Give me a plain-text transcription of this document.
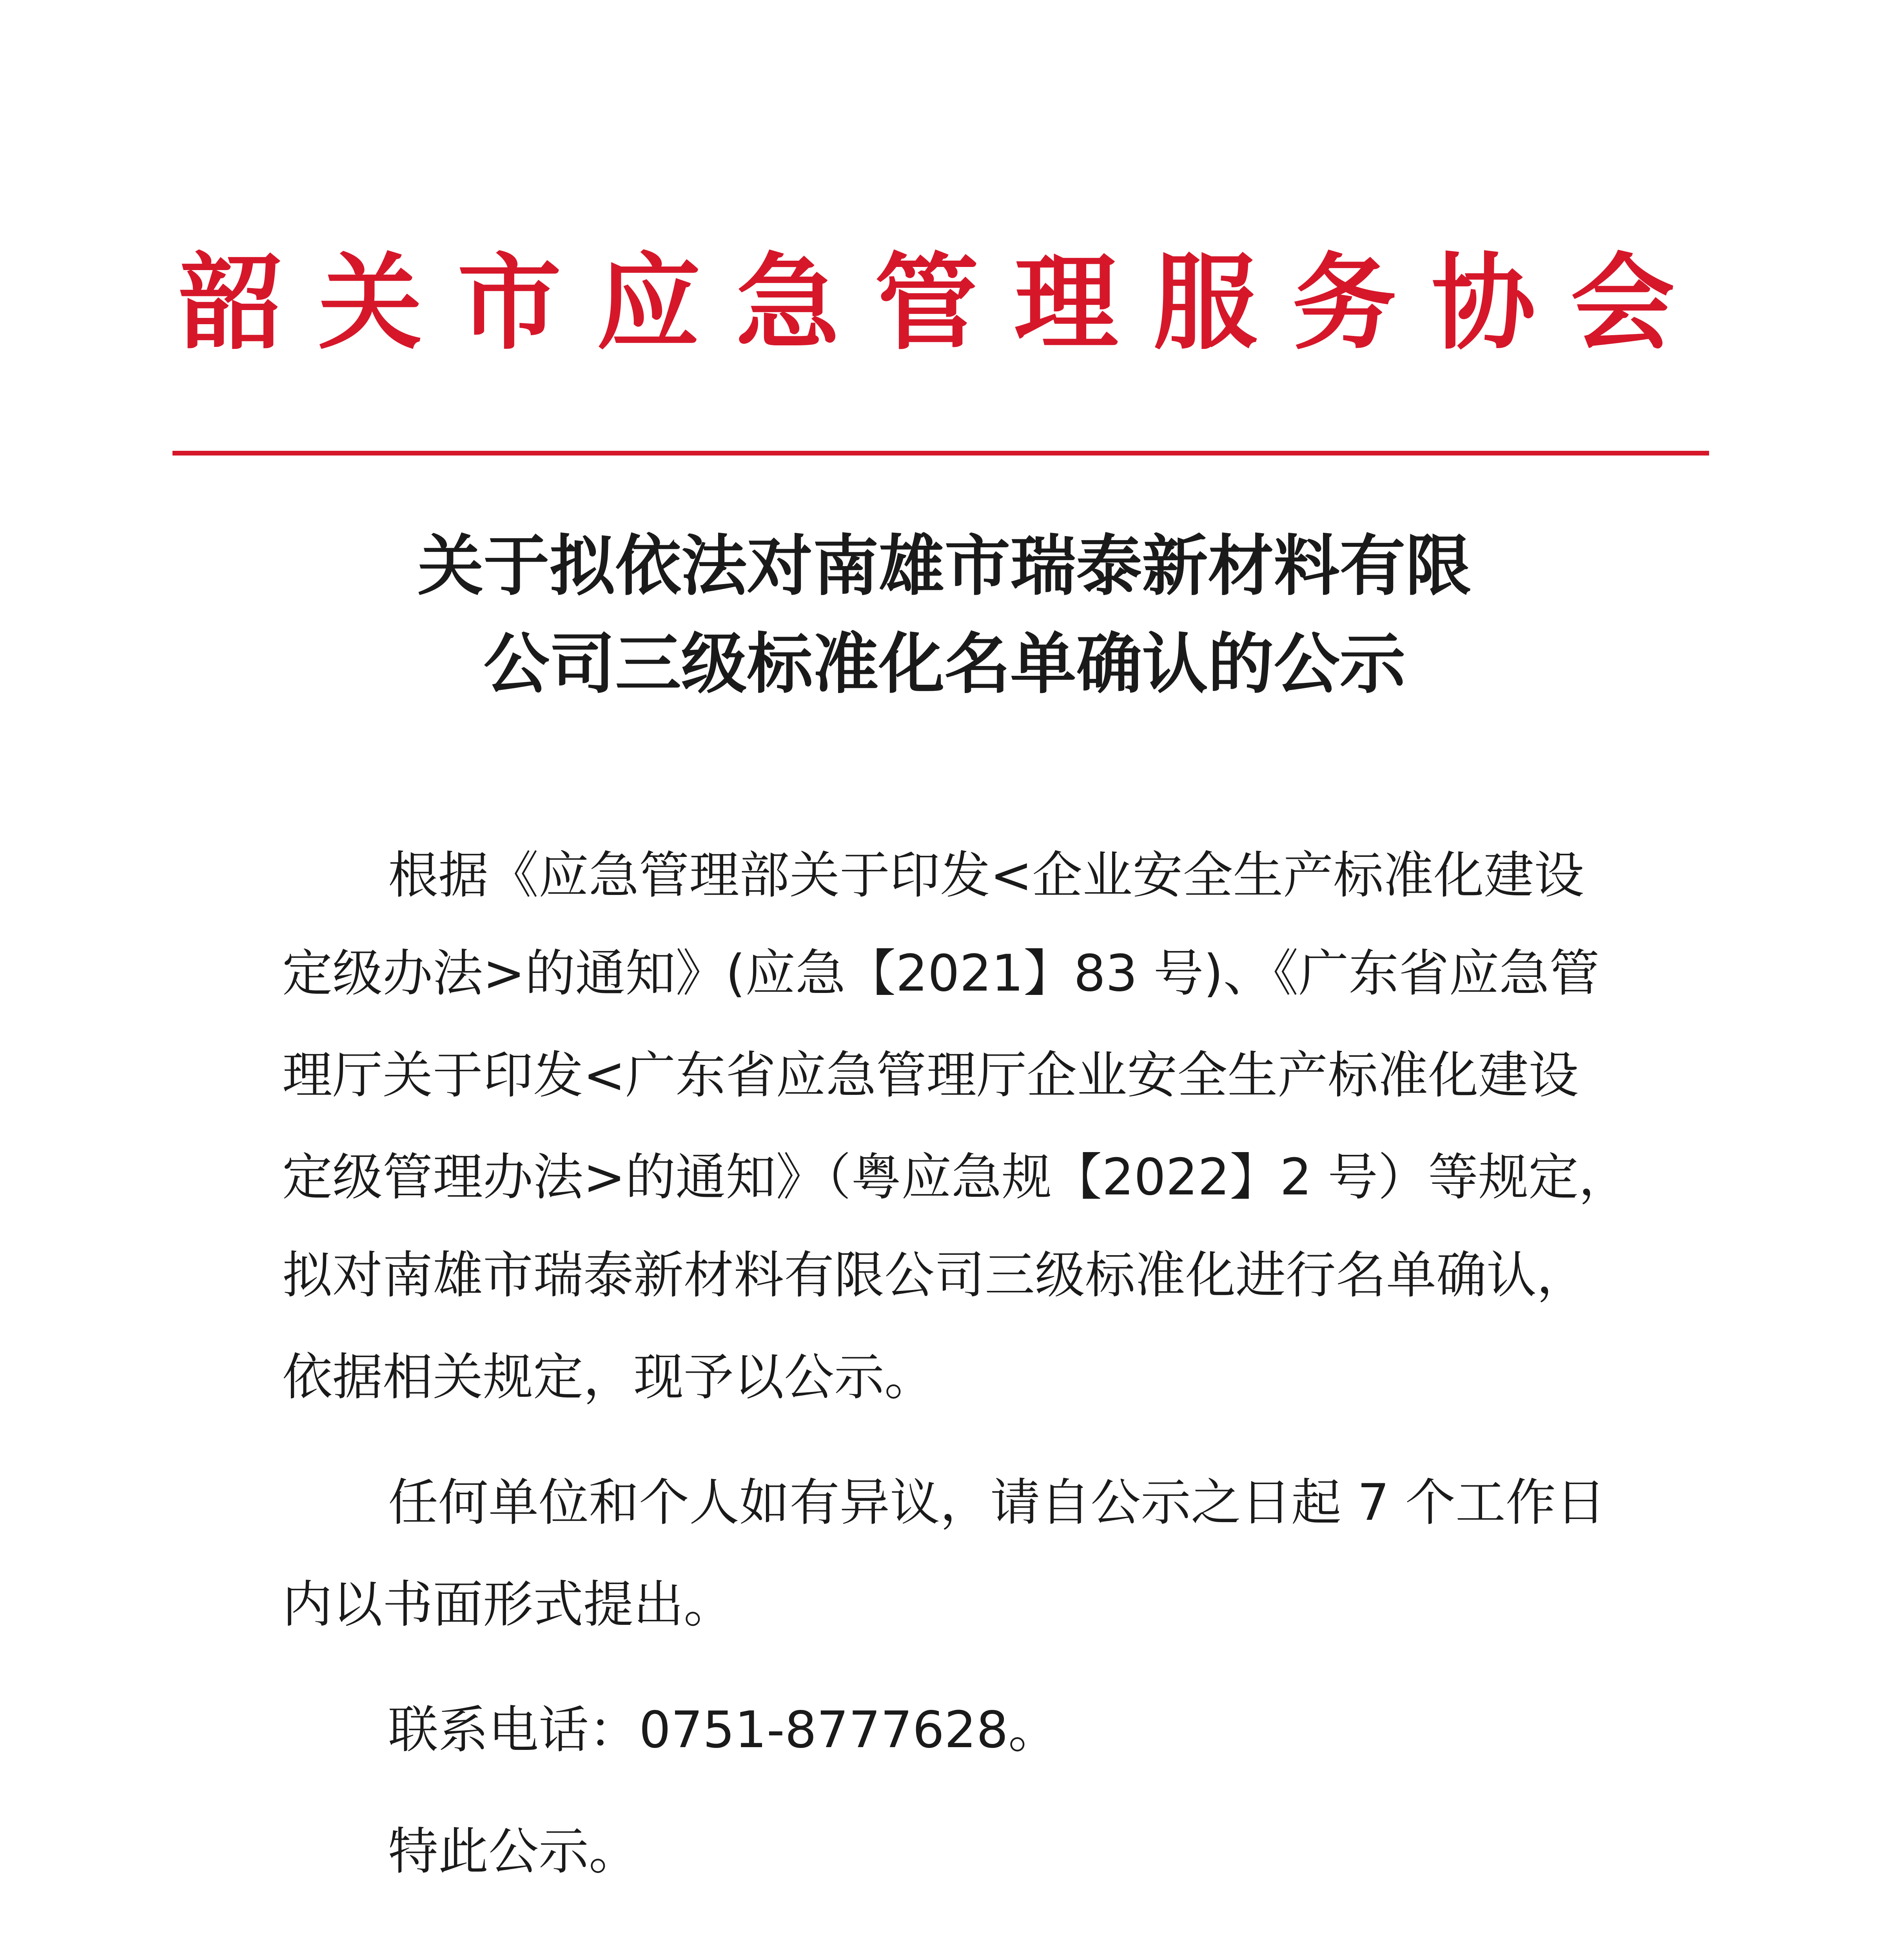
韶关市应急管理服务协会
关于拟依法对南雄市瑞泰新材料有限
公司三级标准化名单确认的公示
根据《应急管理部关于印发<企业安全生产标准化建设
定级办法>的通知》(应急【2021】83 号)、《广东省应急管
理厅关于印发<广东省应急管理厅企业安全生产标准化建设
定级管理办法>的通知》（粤应急规【2022】2 号）等规定，
拟对南雄市瑞泰新材料有限公司三级标准化进行名单确认，
依据相关规定，现予以公示。
任何单位和个人如有异议，请自公示之日起 7 个工作日
内以书面形式提出。
联系电话：0751-8777628。
特此公示。
